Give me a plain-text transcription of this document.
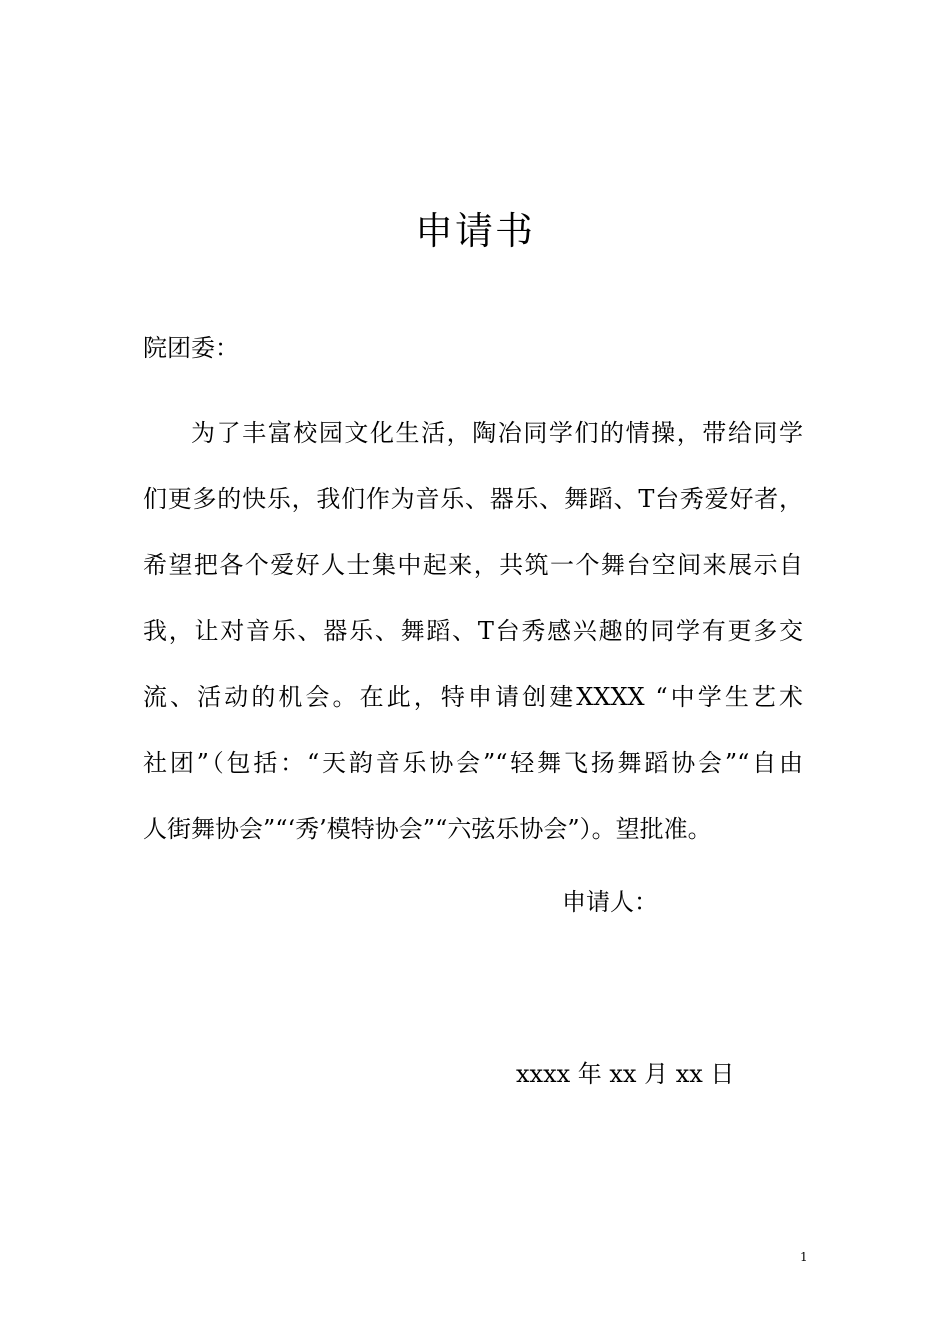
申请书
院团委：
为了丰富校园文化生活，陶冶同学们的情操，带给同学
们更多的快乐，我们作为音乐、器乐、舞蹈、T台秀爱好者，
希望把各个爱好人士集中起来，共筑一个舞台空间来展示自
我，让对音乐、器乐、舞蹈、T台秀感兴趣的同学有更多交
流、活动的机会。在此，特申请创建XXXX “中学生艺术
社团”（包括：“天韵音乐协会”“轻舞飞扬舞蹈协会”“自由
人街舞协会”“‘秀’模特协会”“六弦乐协会”）。望批准。
申请人：
xxxx 年 xx 月 xx 日
1
